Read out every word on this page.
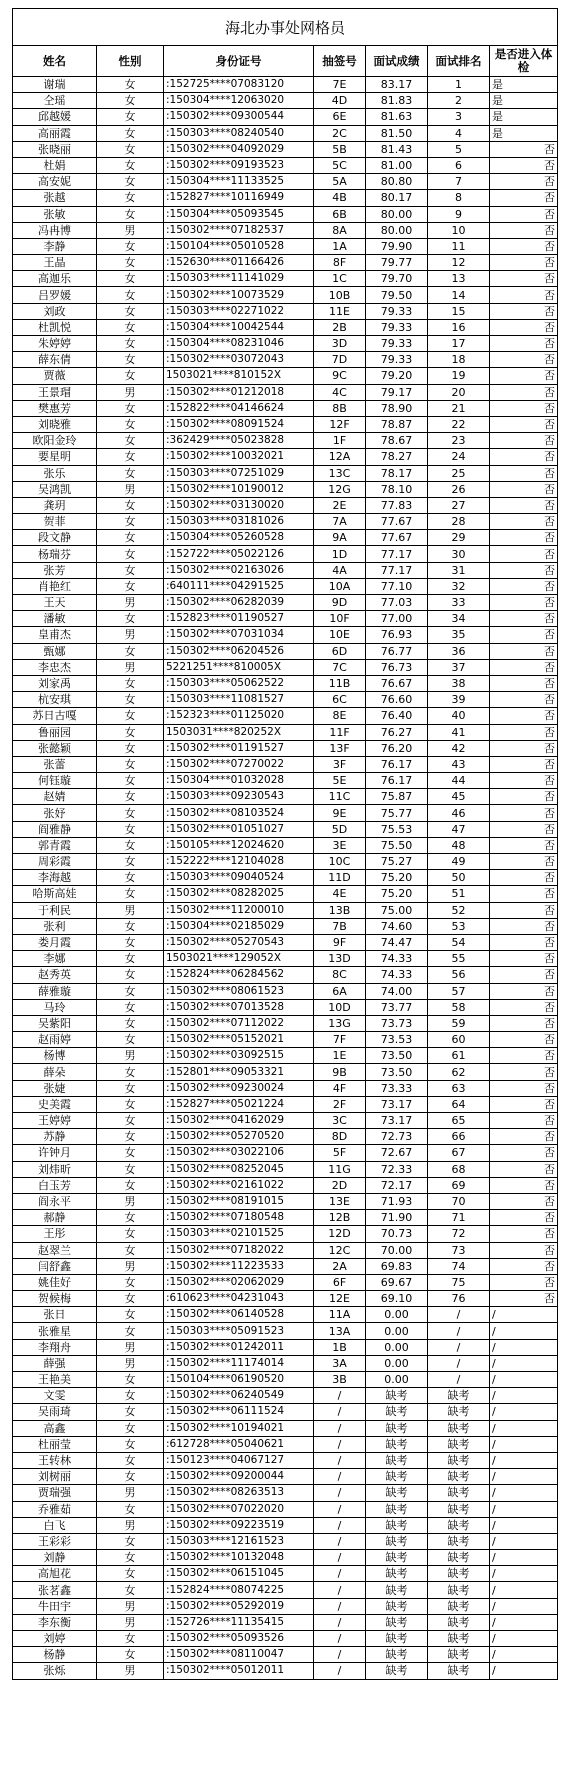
海北办事处网格员						
姓名	性别	身份证号	抽签号	面试成绩	面试排名	是否进入体检
谢瑞	女	:152725****07083120	7E	83.17	1	是
仝瑶	女	:150304****12063020	4D	81.83	2	是
邱越媛	女	:150302****09300544	6E	81.63	3	是
高丽霞	女	:150303****08240540	2C	81.50	4	是
张晓丽	女	:150302****04092029	5B	81.43	5	否
杜娟	女	:150302****09193523	5C	81.00	6	否
高安妮	女	:150304****11133525	5A	80.80	7	否
张越	女	:152827****10116949	4B	80.17	8	否
张敏	女	:150304****05093545	6B	80.00	9	否
冯冉博	男	:150302****07182537	8A	80.00	10	否
李静	女	:150104****05010528	1A	79.90	11	否
王晶	女	:152630****01166426	8F	79.77	12	否
高迦乐	女	:150303****11141029	1C	79.70	13	否
吕罗媛	女	:150302****10073529	10B	79.50	14	否
刘政	女	:150303****02271022	11E	79.33	15	否
杜凯悦	女	:150304****10042544	2B	79.33	16	否
朱婷婷	女	:150304****08231046	3D	79.33	17	否
薛东倩	女	:150302****03072043	7D	79.33	18	否
贾薇	女	1503021****810152X	9C	79.20	19	否
王景瑁	男	:150302****01212018	4C	79.17	20	否
樊惠芳	女	:152822****04146624	8B	78.90	21	否
刘晓雅	女	:150302****08091524	12F	78.87	22	否
欧阳金玲	女	:362429****05023828	1F	78.67	23	否
要星明	女	:150302****10032021	12A	78.27	24	否
张乐	女	:150303****07251029	13C	78.17	25	否
吴鸿凯	男	:150302****10190012	12G	78.10	26	否
龚玥	女	:150302****03130020	2E	77.83	27	否
贺菲	女	:150303****03181026	7A	77.67	28	否
段文静	女	:150304****05260528	9A	77.67	29	否
杨瑞芬	女	:152722****05022126	1D	77.17	30	否
张芳	女	:150302****02163026	4A	77.17	31	否
肖艳红	女	:640111****04291525	10A	77.10	32	否
王天	男	:150302****06282039	9D	77.03	33	否
潘敏	女	:152823****01190527	10F	77.00	34	否
皇甫杰	男	:150302****07031034	10E	76.93	35	否
甄娜	女	:150302****06204526	6D	76.77	36	否
李忠杰	男	5221251****810005X	7C	76.73	37	否
刘家禹	女	:150303****05062522	11B	76.67	38	否
杭安琪	女	:150303****11081527	6C	76.60	39	否
苏日古嘎	女	:152323****01125020	8E	76.40	40	否
鲁丽园	女	1503031****820252X	11F	76.27	41	否
张懿颖	女	:150302****01191527	13F	76.20	42	否
张蕾	女	:150302****07270022	3F	76.17	43	否
何钰璇	女	:150304****01032028	5E	76.17	44	否
赵婧	女	:150303****09230543	11C	75.87	45	否
张妤	女	:150302****08103524	9E	75.77	46	否
阎雅静	女	:150302****01051027	5D	75.53	47	否
郭青霞	女	:150105****12024620	3E	75.50	48	否
周彩霞	女	:152222****12104028	10C	75.27	49	否
李海越	女	:150303****09040524	11D	75.20	50	否
哈斯高娃	女	:150302****08282025	4E	75.20	51	否
于利民	男	:150302****11200010	13B	75.00	52	否
张利	女	:150304****02185029	7B	74.60	53	否
娄月霞	女	:150302****05270543	9F	74.47	54	否
李娜	女	1503021****129052X	13D	74.33	55	否
赵秀英	女	:152824****06284562	8C	74.33	56	否
薛雅璇	女	:150302****08061523	6A	74.00	57	否
马玲	女	:150302****07013528	10D	73.77	58	否
吴紫阳	女	:150302****07112022	13G	73.73	59	否
赵雨婷	女	:150302****05152021	7F	73.53	60	否
杨博	男	:150302****03092515	1E	73.50	61	否
薛朵	女	:152801****09053321	9B	73.50	62	否
张婕	女	:150302****09230024	4F	73.33	63	否
史美霞	女	:152827****05021224	2F	73.17	64	否
王婷婷	女	:150302****04162029	3C	73.17	65	否
苏静	女	:150302****05270520	8D	72.73	66	否
许钟月	女	:150302****03022106	5F	72.67	67	否
刘炜昕	女	:150302****08252045	11G	72.33	68	否
白玉芳	女	:150302****02161022	2D	72.17	69	否
阎永平	男	:150302****08191015	13E	71.93	70	否
郝静	女	:150302****07180548	12B	71.90	71	否
王彤	女	:150303****02101525	12D	70.73	72	否
赵翠兰	女	:150302****07182022	12C	70.00	73	否
闫舒鑫	男	:150302****11223533	2A	69.83	74	否
姚佳好	女	:150302****02062029	6F	69.67	75	否
贺候梅	女	:610623****04231043	12E	69.10	76	否
张日	女	:150302****06140528	11A	0.00	/	/
张雅星	女	:150303****05091523	13A	0.00	/	/
李翔舟	男	:150302****01242011	1B	0.00	/	/
薛强	男	:150302****11174014	3A	0.00	/	/
王艳美	女	:150104****06190520	3B	0.00	/	/
文雯	女	:150302****06240549	/	缺考	缺考	/
吴雨琦	女	:150302****06111524	/	缺考	缺考	/
高鑫	女	:150302****10194021	/	缺考	缺考	/
杜丽莹	女	:612728****05040621	/	缺考	缺考	/
王转林	女	:150123****04067127	/	缺考	缺考	/
刘树丽	女	:150302****09200044	/	缺考	缺考	/
贾瑞强	男	:150302****08263513	/	缺考	缺考	/
乔雅茹	女	:150302****07022020	/	缺考	缺考	/
白飞	男	:150302****09223519	/	缺考	缺考	/
王彩彩	女	:150303****12161523	/	缺考	缺考	/
刘静	女	:150302****10132048	/	缺考	缺考	/
高旭花	女	:150302****06151045	/	缺考	缺考	/
张茗鑫	女	:152824****08074225	/	缺考	缺考	/
牛田宇	男	:150302****05292019	/	缺考	缺考	/
李东衡	男	:152726****11135415	/	缺考	缺考	/
刘婷	女	:150302****05093526	/	缺考	缺考	/
杨静	女	:150302****08110047	/	缺考	缺考	/
张烁	男	:150302****05012011	/	缺考	缺考	/
